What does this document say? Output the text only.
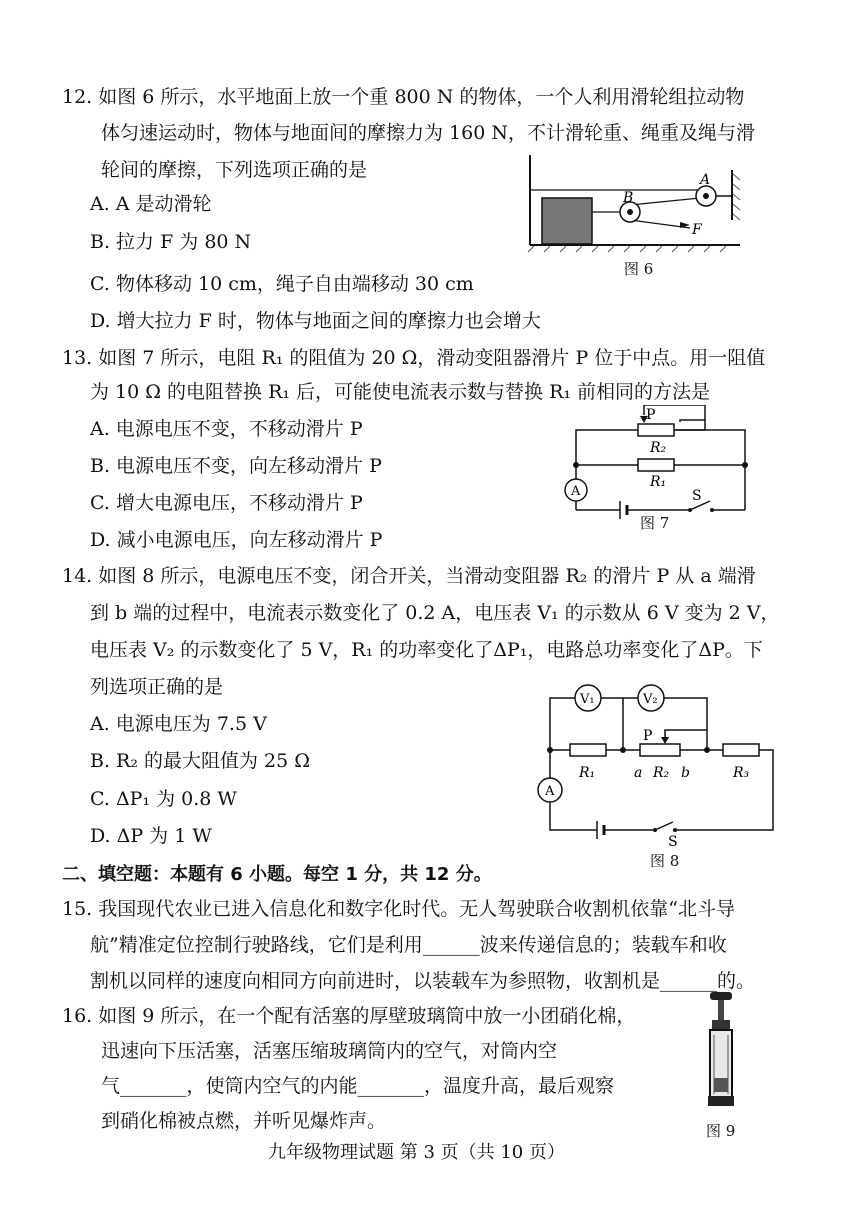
12. 如图 6 所示，水平地面上放一个重 800 N 的物体，一个人利用滑轮组拉动物
体匀速运动时，物体与地面间的摩擦力为 160 N，不计滑轮重、绳重及绳与滑
轮间的摩擦，下列选项正确的是
A. A 是动滑轮
B. 拉力 F 为 80 N
C. 物体移动 10 cm，绳子自由端移动 30 cm
D. 增大拉力 F 时，物体与地面之间的摩擦力也会增大
A
B
F
图 6
13. 如图 7 所示，电阻 R₁ 的阻值为 20 Ω，滑动变阻器滑片 P 位于中点。用一阻值
为 10 Ω 的电阻替换 R₁ 后，可能使电流表示数与替换 R₁ 前相同的方法是
A. 电源电压不变，不移动滑片 P
B. 电源电压不变，向左移动滑片 P
C. 增大电源电压，不移动滑片 P
D. 减小电源电压，向左移动滑片 P
P
R₂
R₁
A	S
图 7
14. 如图 8 所示，电源电压不变，闭合开关，当滑动变阻器 R₂ 的滑片 P 从 a 端滑
到 b 端的过程中，电流表示数变化了 0.2 A，电压表 V₁ 的示数从 6 V 变为 2 V，
电压表 V₂ 的示数变化了 5 V，R₁ 的功率变化了ΔP₁，电路总功率变化了ΔP。下
列选项正确的是
A. 电源电压为 7.5 V
B. R₂ 的最大阻值为 25 Ω
C. ΔP₁ 为 0.8 W
D. ΔP 为 1 W
V₁	V₂
P
R₁	a R₂ b	R₃
A
S
图 8
二、填空题：本题有 6 小题。每空 1 分，共 12 分。
15. 我国现代农业已进入信息化和数字化时代。无人驾驶联合收割机依靠“北斗导
航”精准定位控制行驶路线，它们是利用______波来传递信息的；装载车和收
割机以同样的速度向相同方向前进时，以装载车为参照物，收割机是______的。
16. 如图 9 所示，在一个配有活塞的厚壁玻璃筒中放一小团硝化棉，
迅速向下压活塞，活塞压缩玻璃筒内的空气，对筒内空
气_______，使筒内空气的内能_______，温度升高，最后观察
到硝化棉被点燃，并听见爆炸声。	图 9
九年级物理试题 第 3 页（共 10 页）
